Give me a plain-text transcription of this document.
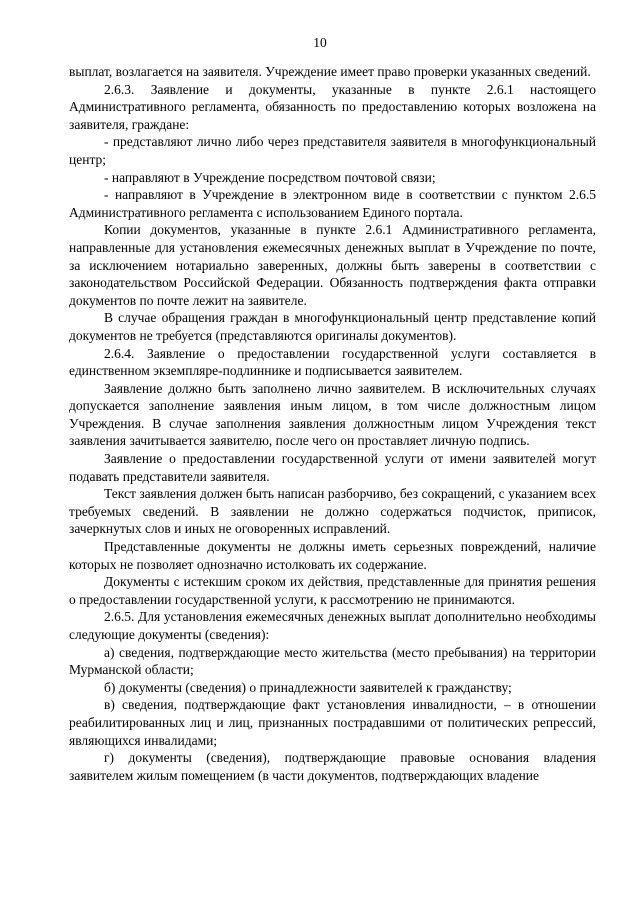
10

выплат, возлагается на заявителя. Учреждение имеет право проверки указанных сведений.

2.6.3. Заявление и документы, указанные в пункте 2.6.1 настоящего Административного регламента, обязанность по предоставлению которых возложена на заявителя, граждане:

- представляют лично либо через представителя заявителя в многофункциональный центр;

- направляют в Учреждение посредством почтовой связи;

- направляют в Учреждение в электронном виде в соответствии с пунктом 2.6.5 Административного регламента с использованием Единого портала.

Копии документов, указанные в пункте 2.6.1 Административного регламента, направленные для установления ежемесячных денежных выплат в Учреждение по почте, за исключением нотариально заверенных, должны быть заверены в соответствии с законодательством Российской Федерации. Обязанность подтверждения факта отправки документов по почте лежит на заявителе.

В случае обращения граждан в многофункциональный центр представление копий документов не требуется (представляются оригиналы документов).

2.6.4. Заявление о предоставлении государственной услуги составляется в единственном экземпляре-подлиннике и подписывается заявителем.

Заявление должно быть заполнено лично заявителем. В исключительных случаях допускается заполнение заявления иным лицом, в том числе должностным лицом Учреждения. В случае заполнения заявления должностным лицом Учреждения текст заявления зачитывается заявителю, после чего он проставляет личную подпись.

Заявление о предоставлении государственной услуги от имени заявителей могут подавать представители заявителя.

Текст заявления должен быть написан разборчиво, без сокращений, с указанием всех требуемых сведений. В заявлении не должно содержаться подчисток, приписок, зачеркнутых слов и иных не оговоренных исправлений.

Представленные документы не должны иметь серьезных повреждений, наличие которых не позволяет однозначно истолковать их содержание.

Документы с истекшим сроком их действия, представленные для принятия решения о предоставлении государственной услуги, к рассмотрению не принимаются.

2.6.5. Для установления ежемесячных денежных выплат дополнительно необходимы следующие документы (сведения):

а) сведения, подтверждающие место жительства (место пребывания) на территории Мурманской области;

б) документы (сведения) о принадлежности заявителей к гражданству;

в) сведения, подтверждающие факт установления инвалидности, – в отношении реабилитированных лиц и лиц, признанных пострадавшими от политических репрессий, являющихся инвалидами;

г) документы (сведения), подтверждающие правовые основания владения заявителем жилым помещением (в части документов, подтверждающих владение
